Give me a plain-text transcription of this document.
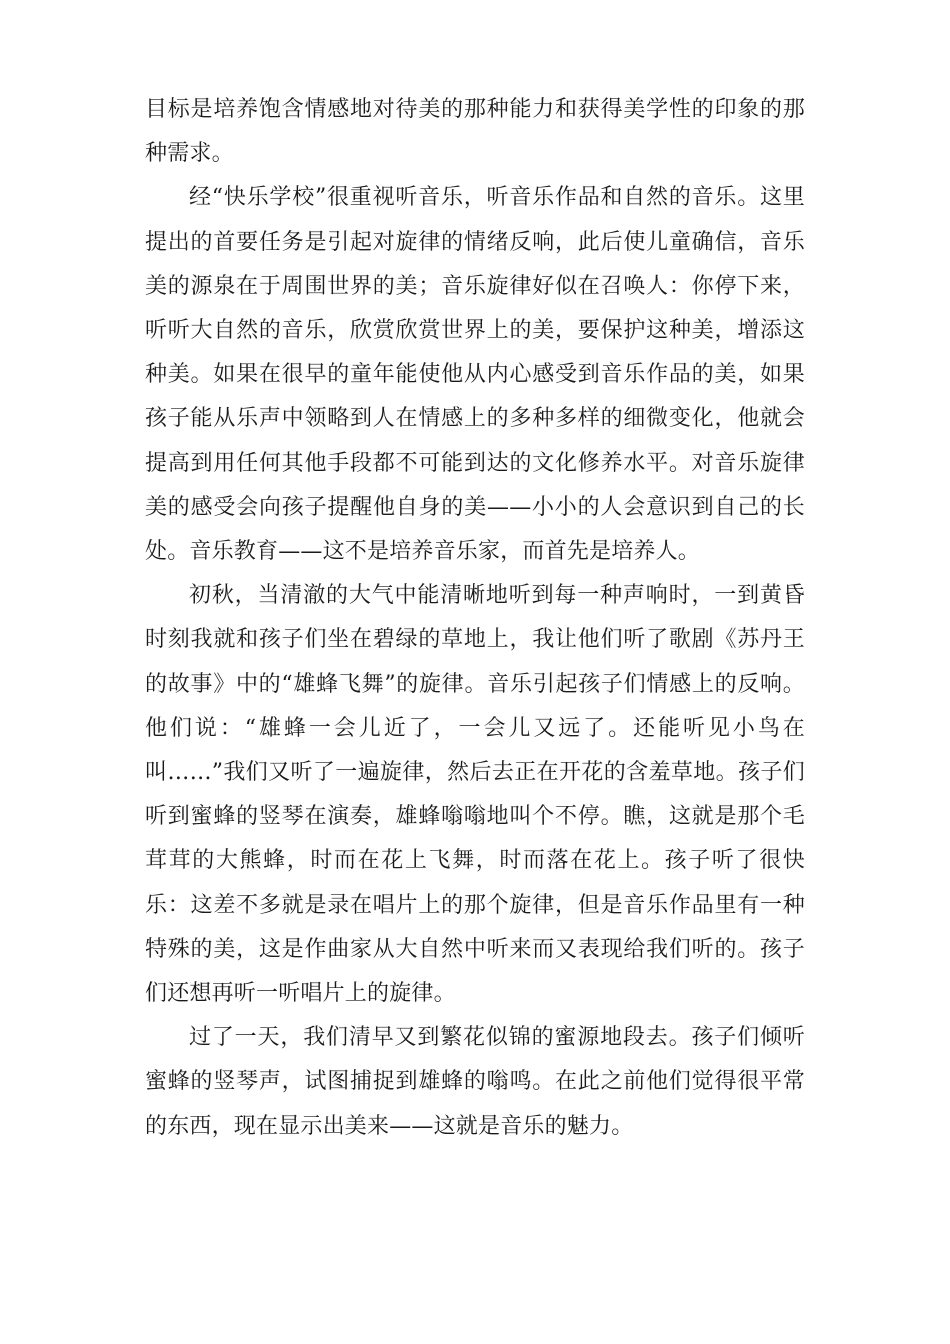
目标是培养饱含情感地对待美的那种能力和获得美学性的印象的那种需求。

经“快乐学校”很重视听音乐，听音乐作品和自然的音乐。这里提出的首要任务是引起对旋律的情绪反响，此后使儿童确信，音乐美的源泉在于周围世界的美；音乐旋律好似在召唤人：你停下来，听听大自然的音乐，欣赏欣赏世界上的美，要保护这种美，增添这种美。如果在很早的童年能使他从内心感受到音乐作品的美，如果孩子能从乐声中领略到人在情感上的多种多样的细微变化，他就会提高到用任何其他手段都不可能到达的文化修养水平。对音乐旋律美的感受会向孩子提醒他自身的美——小小的人会意识到自己的长处。音乐教育——这不是培养音乐家，而首先是培养人。

初秋，当清澈的大气中能清晰地听到每一种声响时，一到黄昏时刻我就和孩子们坐在碧绿的草地上，我让他们听了歌剧《苏丹王的故事》中的“雄蜂飞舞”的旋律。音乐引起孩子们情感上的反响。他们说：“雄蜂一会儿近了，一会儿又远了。还能听见小鸟在叫……”我们又听了一遍旋律，然后去正在开花的含羞草地。孩子们听到蜜蜂的竖琴在演奏，雄蜂嗡嗡地叫个不停。瞧，这就是那个毛茸茸的大熊蜂，时而在花上飞舞，时而落在花上。孩子听了很快乐：这差不多就是录在唱片上的那个旋律，但是音乐作品里有一种特殊的美，这是作曲家从大自然中听来而又表现给我们听的。孩子们还想再听一听唱片上的旋律。

过了一天，我们清早又到繁花似锦的蜜源地段去。孩子们倾听蜜蜂的竖琴声，试图捕捉到雄蜂的嗡鸣。在此之前他们觉得很平常的东西，现在显示出美来——这就是音乐的魅力。
